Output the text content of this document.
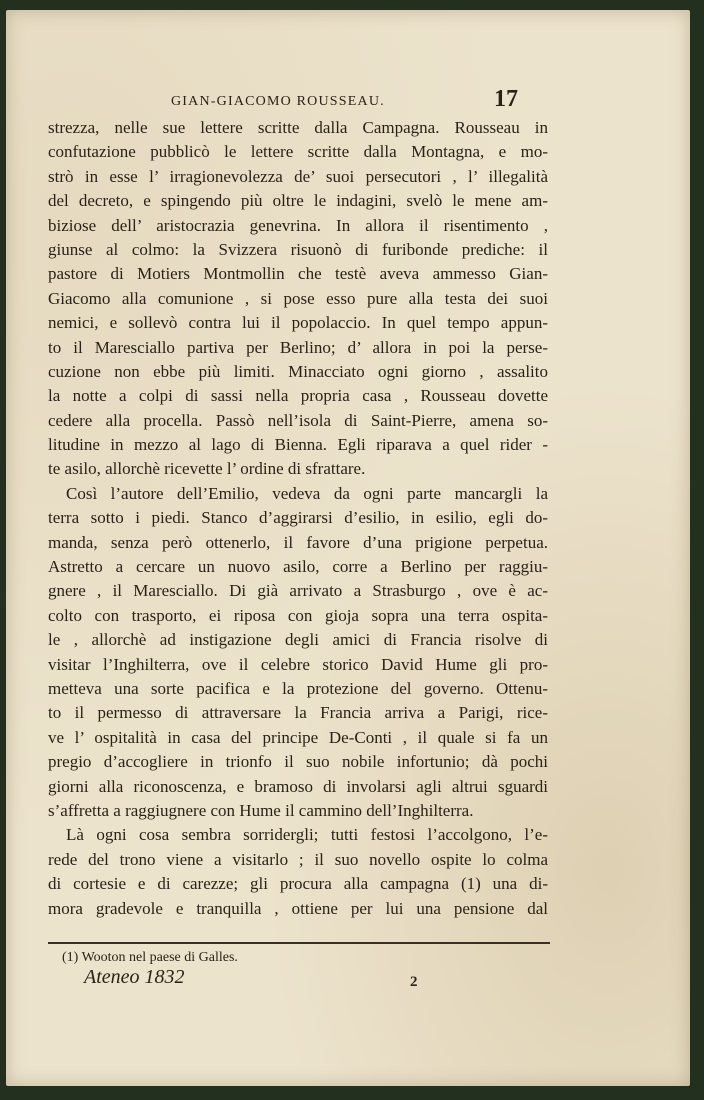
GIAN-GIACOMO ROUSSEAU.	17
strezza, nelle sue lettere scritte dalla Campagna. Rousseau in
confutazione pubblicò le lettere scritte dalla Montagna, e mo-
strò in esse l’ irragionevolezza de’ suoi persecutori , l’ illegalità
del decreto, e spingendo più oltre le indagini, svelò le mene am-
biziose dell’ aristocrazia genevrina. In allora il risentimento ,
giunse al colmo: la Svizzera risuonò di furibonde prediche: il
pastore di Motiers Montmollin che testè aveva ammesso Gian-
Giacomo alla comunione , si pose esso pure alla testa dei suoi
nemici, e sollevò contra lui il popolaccio. In quel tempo appun-
to il Maresciallo partiva per Berlino; d’ allora in poi la perse-
cuzione non ebbe più limiti. Minacciato ogni giorno , assalito
la notte a colpi di sassi nella propria casa , Rousseau dovette
cedere alla procella. Passò nell’isola di Saint-Pierre, amena so-
litudine in mezzo al lago di Bienna. Egli riparava a quel rider -
te asilo, allorchè ricevette l’ ordine di sfrattare.
Così l’autore dell’Emilio, vedeva da ogni parte mancargli la
terra sotto i piedi. Stanco d’aggirarsi d’esilio, in esilio, egli do-
manda, senza però ottenerlo, il favore d’una prigione perpetua.
Astretto a cercare un nuovo asilo, corre a Berlino per raggiu-
gnere , il Maresciallo. Di già arrivato a Strasburgo , ove è ac-
colto con trasporto, ei riposa con gioja sopra una terra ospita-
le , allorchè ad instigazione degli amici di Francia risolve di
visitar l’Inghilterra, ove il celebre storico David Hume gli pro-
metteva una sorte pacifica e la protezione del governo. Ottenu-
to il permesso di attraversare la Francia arriva a Parigi, rice-
ve l’ ospitalità in casa del principe De-Conti , il quale si fa un
pregio d’accogliere in trionfo il suo nobile infortunio; dà pochi
giorni alla riconoscenza, e bramoso di involarsi agli altrui sguardi
s’affretta a raggiugnere con Hume il cammino dell’Inghilterra.
Là ogni cosa sembra sorridergli; tutti festosi l’accolgono, l’e-
rede del trono viene a visitarlo ; il suo novello ospite lo colma
di cortesie e di carezze; gli procura alla campagna (1) una di-
mora gradevole e tranquilla , ottiene per lui una pensione dal
(1) Wooton nel paese di Galles.
Ateneo 1832	2
